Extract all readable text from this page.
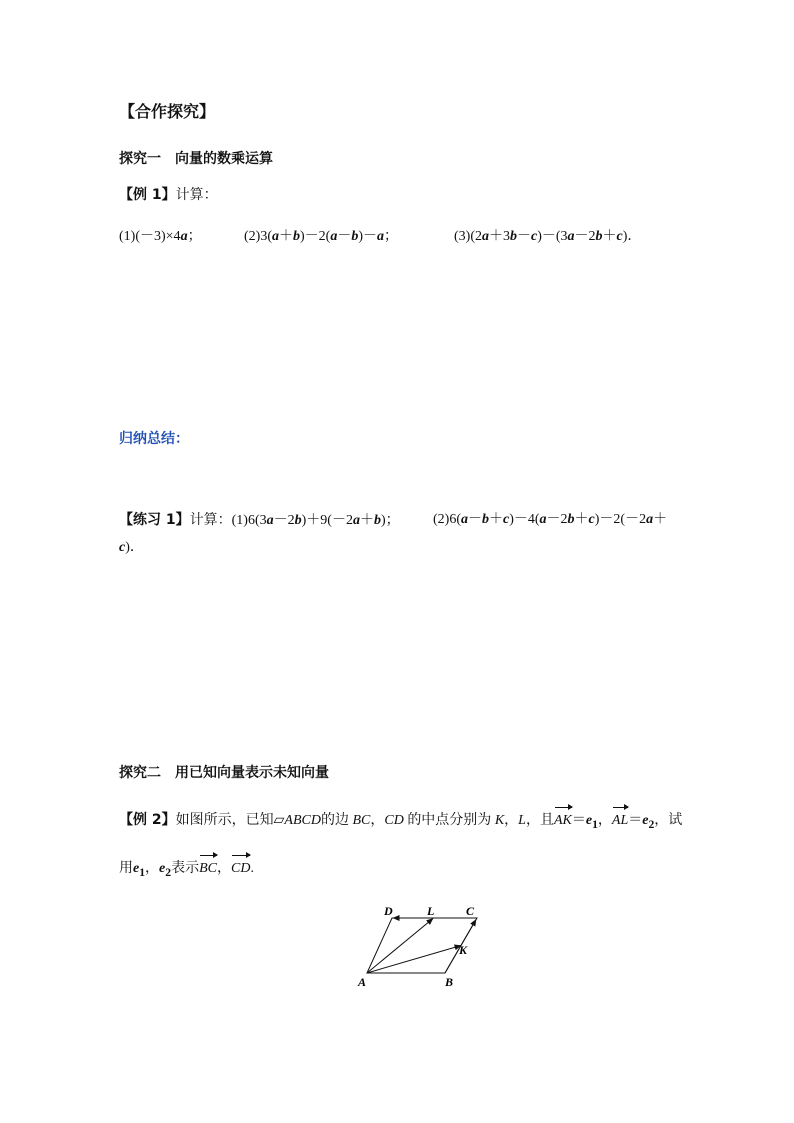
【合作探究】
探究一　向量的数乘运算
【例 1】计算：
(1)(－3)×4a；	(2)3(a＋b)－2(a－b)－a；	(3)(2a＋3b－c)－(3a－2b＋c)．
归纳总结：
【练习 1】计算：(1)6(3a－2b)＋9(－2a＋b)； (2)6(a－b＋c)－4(a－2b＋c)－2(－2a＋
c)．
探究二　用已知向量表示未知向量
【例 2】如图所示，已知▱ABCD的边 BC，CD 的中点分别为 K，L，且$AK=e_1$，$AL=e_2$，试
用$e_1$，$e_2$表示BC，CD.
A	B
C
D
K
L
